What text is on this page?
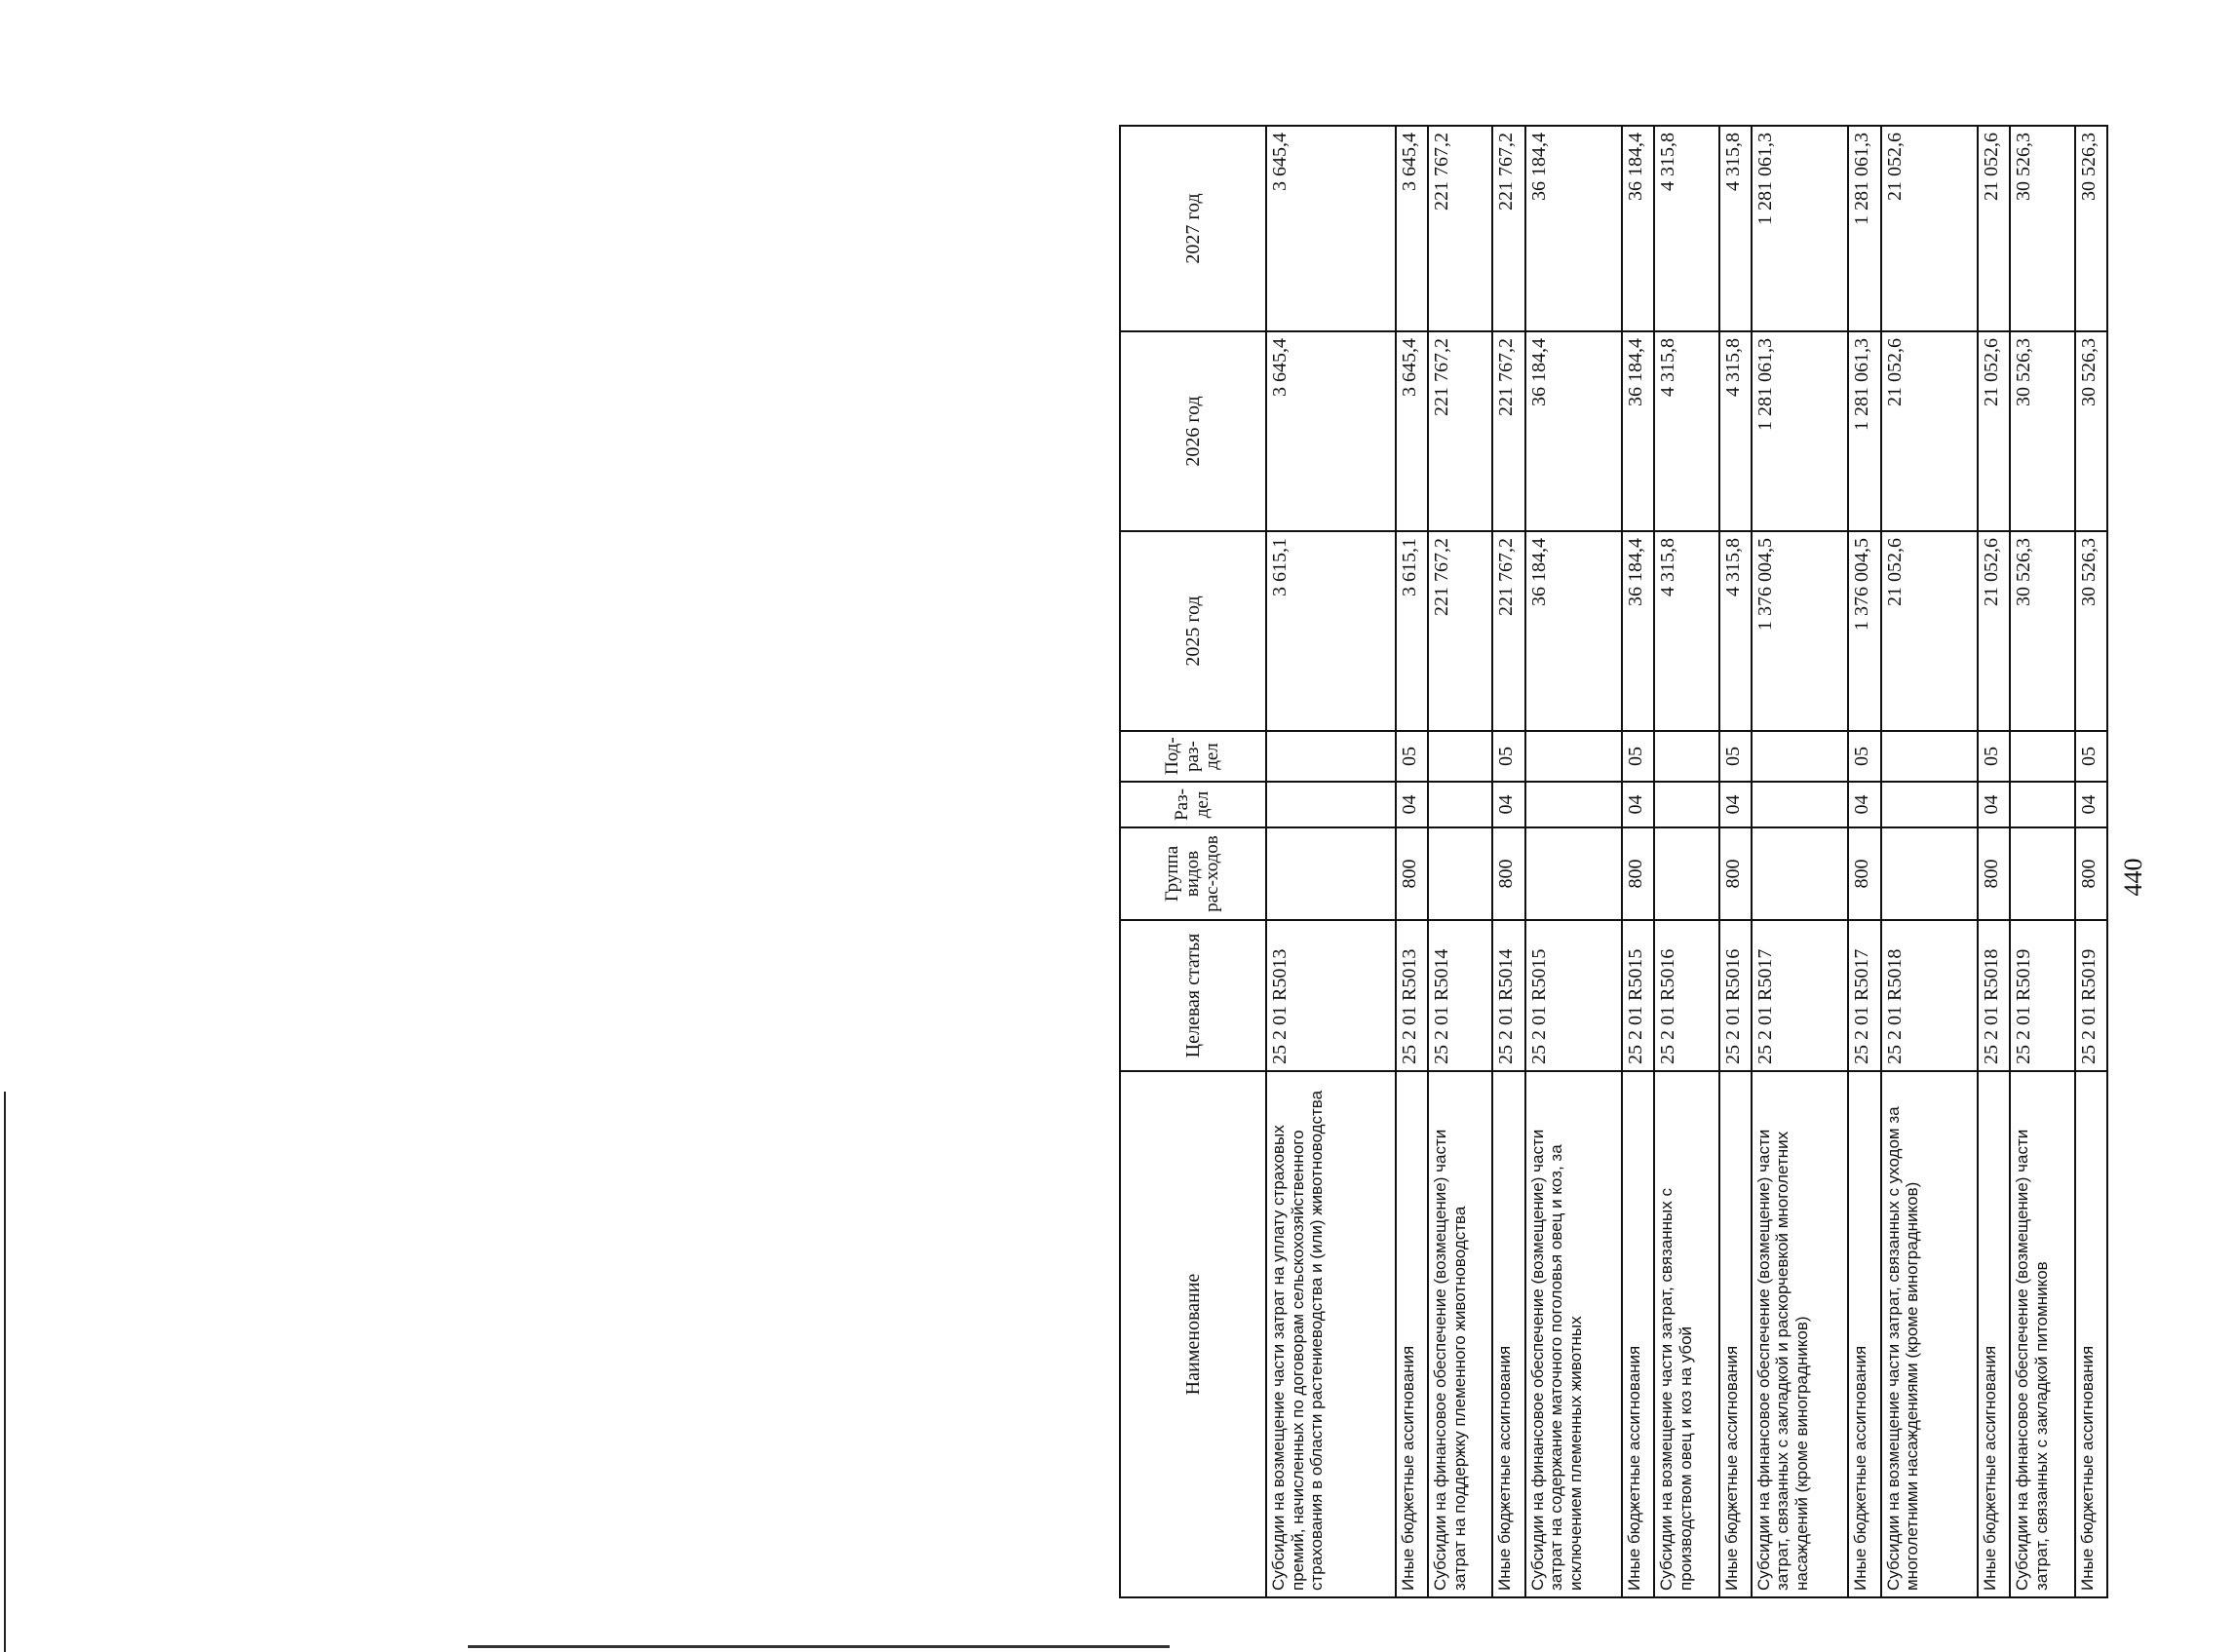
Наименование	Целевая статья	Группа видов рас-ходов	Раз-дел	Под-раз-дел	2025 год	2026 год	2027 год
Субсидии на возмещение части затрат на уплату страховых премий, начисленных по договорам сельскохозяйственного страхования в области растениеводства и (или) животноводства	25 2 01 R5013				3 615,1	3 645,4	3 645,4
Иные бюджетные ассигнования	25 2 01 R5013	800	04	05	3 615,1	3 645,4	3 645,4
Субсидии на финансовое обеспечение (возмещение) части затрат на поддержку племенного животноводства	25 2 01 R5014				221 767,2	221 767,2	221 767,2
Иные бюджетные ассигнования	25 2 01 R5014	800	04	05	221 767,2	221 767,2	221 767,2
Субсидии на финансовое обеспечение (возмещение) части затрат на содержание маточного поголовья овец и коз, за исключением племенных животных	25 2 01 R5015				36 184,4	36 184,4	36 184,4
Иные бюджетные ассигнования	25 2 01 R5015	800	04	05	36 184,4	36 184,4	36 184,4
Субсидии на возмещение части затрат, связанных с производством овец и коз на убой	25 2 01 R5016				4 315,8	4 315,8	4 315,8
Иные бюджетные ассигнования	25 2 01 R5016	800	04	05	4 315,8	4 315,8	4 315,8
Субсидии на финансовое обеспечение (возмещение) части затрат, связанных с закладкой и раскорчевкой многолетних насаждений (кроме виноградников)	25 2 01 R5017				1 376 004,5	1 281 061,3	1 281 061,3
Иные бюджетные ассигнования	25 2 01 R5017	800	04	05	1 376 004,5	1 281 061,3	1 281 061,3
Субсидии на возмещение части затрат, связанных с уходом за многолетними насаждениями (кроме виноградников)	25 2 01 R5018				21 052,6	21 052,6	21 052,6
Иные бюджетные ассигнования	25 2 01 R5018	800	04	05	21 052,6	21 052,6	21 052,6
Субсидии на финансовое обеспечение (возмещение) части затрат, связанных с закладкой питомников	25 2 01 R5019				30 526,3	30 526,3	30 526,3
Иные бюджетные ассигнования	25 2 01 R5019	800	04	05	30 526,3	30 526,3	30 526,3
440
